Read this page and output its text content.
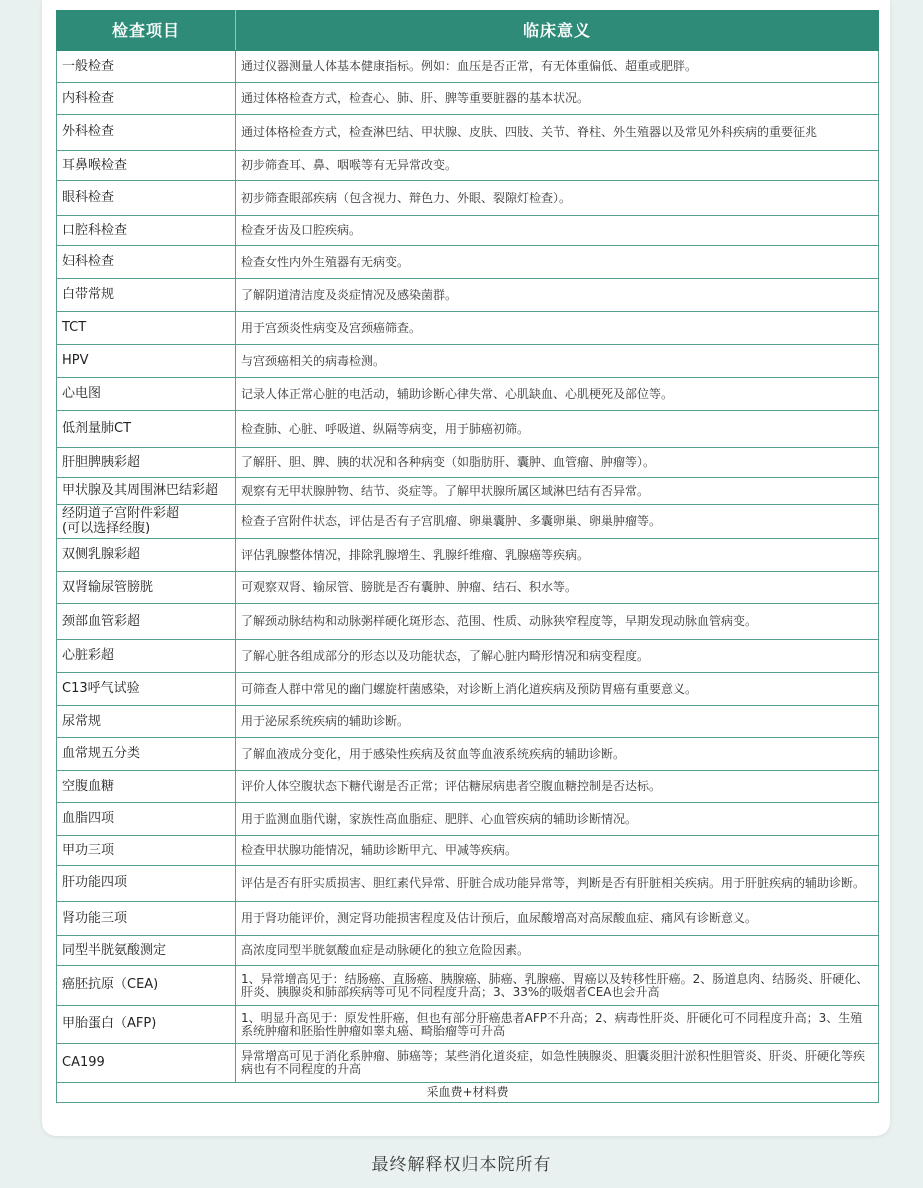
检查项目	临床意义
一般检查	通过仪器测量人体基本健康指标。例如：血压是否正常，有无体重偏低、超重或肥胖。
内科检查	通过体格检查方式，检查心、肺、肝、脾等重要脏器的基本状况。
外科检查	通过体格检查方式，检查淋巴结、甲状腺、皮肤、四肢、关节、脊柱、外生殖器以及常见外科疾病的重要征兆
耳鼻喉检查	初步筛查耳、鼻、咽喉等有无异常改变。
眼科检查	初步筛查眼部疾病（包含视力、辩色力、外眼、裂隙灯检查）。
口腔科检查	检查牙齿及口腔疾病。
妇科检查	检查女性内外生殖器有无病变。
白带常规	了解阴道清洁度及炎症情况及感染菌群。
TCT	用于宫颈炎性病变及宫颈癌筛查。
HPV	与宫颈癌相关的病毒检测。
心电图	记录人体正常心脏的电活动，辅助诊断心律失常、心肌缺血、心肌梗死及部位等。
低剂量肺CT	检查肺、心脏、呼吸道、纵隔等病变，用于肺癌初筛。
肝胆脾胰彩超	了解肝、胆、脾、胰的状况和各种病变（如脂肪肝、囊肿、血管瘤、肿瘤等）。
甲状腺及其周围淋巴结彩超	观察有无甲状腺肿物、结节、炎症等。了解甲状腺所属区域淋巴结有否异常。
经阴道子宫附件彩超
(可以选择经腹)	检查子宫附件状态，评估是否有子宫肌瘤、卵巢囊肿、多囊卵巢、卵巢肿瘤等。
双侧乳腺彩超	评估乳腺整体情况，排除乳腺增生、乳腺纤维瘤、乳腺癌等疾病。
双肾输尿管膀胱	可观察双肾、输尿管、膀胱是否有囊肿、肿瘤、结石、积水等。
颈部血管彩超	了解颈动脉结构和动脉粥样硬化斑形态、范围、性质、动脉狭窄程度等，早期发现动脉血管病变。
心脏彩超	了解心脏各组成部分的形态以及功能状态，了解心脏内畸形情况和病变程度。
C13呼气试验	可筛查人群中常见的幽门螺旋杆菌感染，对诊断上消化道疾病及预防胃癌有重要意义。
尿常规	用于泌尿系统疾病的辅助诊断。
血常规五分类	了解血液成分变化，用于感染性疾病及贫血等血液系统疾病的辅助诊断。
空腹血糖	评价人体空腹状态下糖代谢是否正常；评估糖尿病患者空腹血糖控制是否达标。
血脂四项	用于监测血脂代谢，家族性高血脂症、肥胖、心血管疾病的辅助诊断情况。
甲功三项	检查甲状腺功能情况，辅助诊断甲亢、甲减等疾病。
肝功能四项	评估是否有肝实质损害、胆红素代异常、肝脏合成功能异常等，判断是否有肝脏相关疾病。用于肝脏疾病的辅助诊断。
肾功能三项	用于肾功能评价，测定肾功能损害程度及估计预后，血尿酸增高对高尿酸血症、痛风有诊断意义。
同型半胱氨酸测定	高浓度同型半胱氨酸血症是动脉硬化的独立危险因素。
癌胚抗原（CEA)	1、异常增高见于：结肠癌、直肠癌、胰腺癌、肺癌、乳腺癌、胃癌以及转移性肝癌。2、肠道息肉、结肠炎、肝硬化、肝炎、胰腺炎和肺部疾病等可见不同程度升高；3、33%的吸烟者CEA也会升高
甲胎蛋白（AFP)	1、明显升高见于：原发性肝癌，但也有部分肝癌患者AFP不升高；2、病毒性肝炎、肝硬化可不同程度升高；3、生殖系统肿瘤和胚胎性肿瘤如睾丸癌、畸胎瘤等可升高
CA199	异常增高可见于消化系肿瘤、肺癌等；某些消化道炎症，如急性胰腺炎、胆囊炎胆汁淤积性胆管炎、肝炎、肝硬化等疾病也有不同程度的升高
采血费+材料费	
最终解释权归本院所有
